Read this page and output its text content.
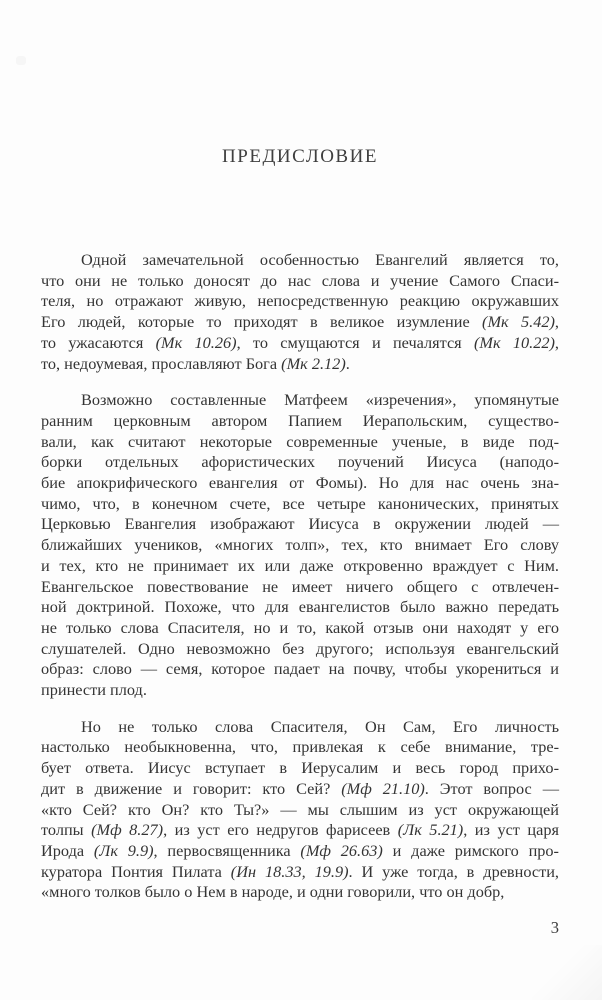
ПРЕДИСЛОВИЕ
Одной замечательной особенностью Евангелий является то,
что они не только доносят до нас слова и учение Самого Спаси-
теля, но отражают живую, непосредственную реакцию окружавших
Его людей, которые то приходят в великое изумление (Мк 5.42),
то ужасаются (Мк 10.26), то смущаются и печалятся (Мк 10.22),
то, недоумевая, прославляют Бога (Мк 2.12).
Возможно составленные Матфеем «изречения», упомянутые
ранним церковным автором Папием Иерапольским, существо-
вали, как считают некоторые современные ученые, в виде под-
борки отдельных афористических поучений Иисуса (наподо-
бие апокрифического евангелия от Фомы). Но для нас очень зна-
чимо, что, в конечном счете, все четыре канонических, принятых
Церковью Евангелия изображают Иисуса в окружении людей —
ближайших учеников, «многих толп», тех, кто внимает Его слову
и тех, кто не принимает их или даже откровенно враждует с Ним.
Евангельское повествование не имеет ничего общего с отвлечен-
ной доктриной. Похоже, что для евангелистов было важно передать
не только слова Спасителя, но и то, какой отзыв они находят у его
слушателей. Одно невозможно без другого; используя евангельский
образ: слово — семя, которое падает на почву, чтобы укорениться и
принести плод.
Но не только слова Спасителя, Он Сам, Его личность
настолько необыкновенна, что, привлекая к себе внимание, тре-
бует ответа. Иисус вступает в Иерусалим и весь город прихо-
дит в движение и говорит: кто Сей? (Мф 21.10). Этот вопрос —
«кто Сей? кто Он? кто Ты?» — мы слышим из уст окружающей
толпы (Мф 8.27), из уст его недругов фарисеев (Лк 5.21), из уст царя
Ирода (Лк 9.9), первосвященника (Мф 26.63) и даже римского про-
куратора Понтия Пилата (Ин 18.33, 19.9). И уже тогда, в древности,
«много толков было о Нем в народе, и одни говорили, что он добр,
3
